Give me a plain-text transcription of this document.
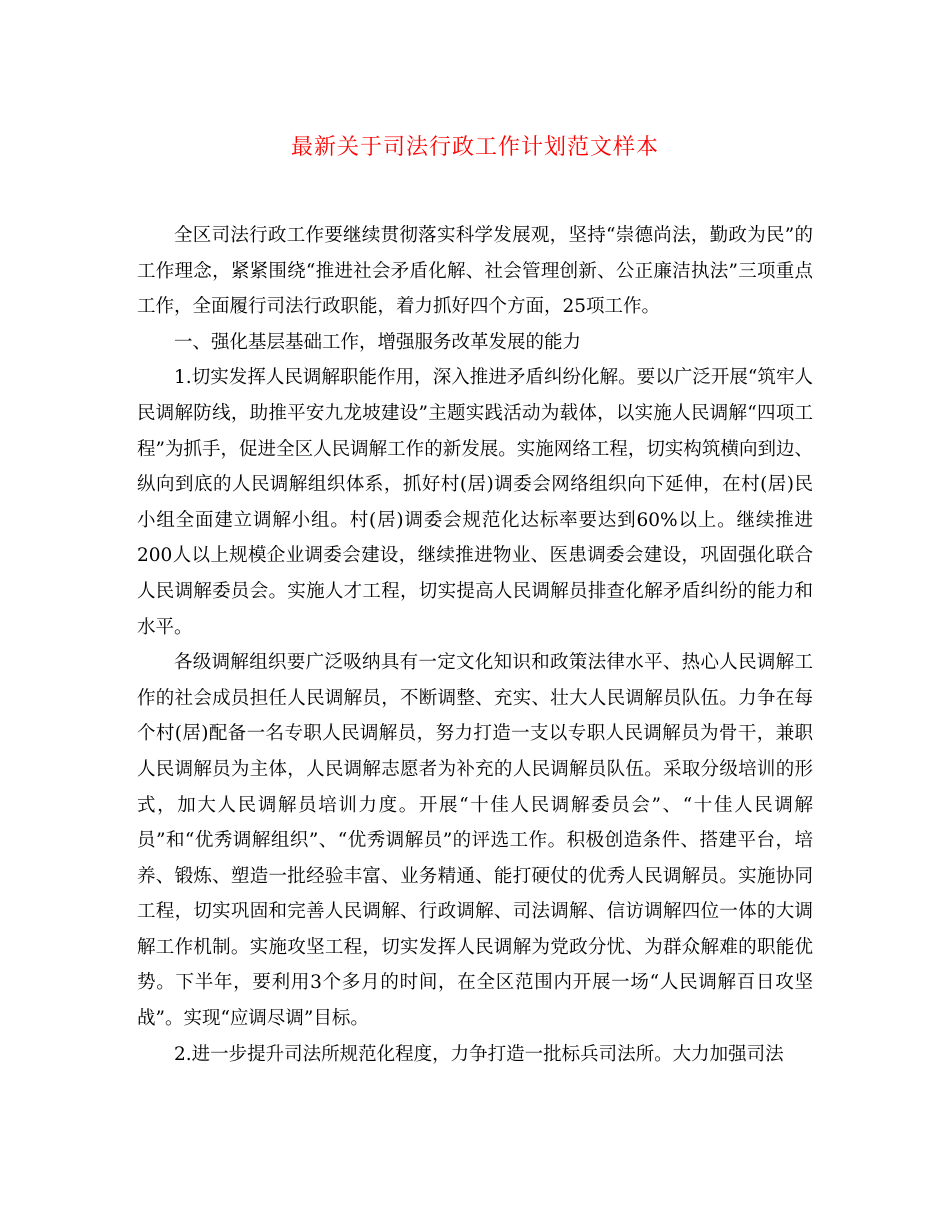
最新关于司法行政工作计划范文样本

全区司法行政工作要继续贯彻落实科学发展观，坚持“崇德尚法，勤政为民”的工作理念，紧紧围绕“推进社会矛盾化解、社会管理创新、公正廉洁执法”三项重点工作，全面履行司法行政职能，着力抓好四个方面，25项工作。

一、强化基层基础工作，增强服务改革发展的能力

1.切实发挥人民调解职能作用，深入推进矛盾纠纷化解。要以广泛开展“筑牢人民调解防线，助推平安九龙坡建设”主题实践活动为载体，以实施人民调解“四项工程”为抓手，促进全区人民调解工作的新发展。实施网络工程，切实构筑横向到边、纵向到底的人民调解组织体系，抓好村(居)调委会网络组织向下延伸，在村(居)民小组全面建立调解小组。村(居)调委会规范化达标率要达到60%以上。继续推进200人以上规模企业调委会建设，继续推进物业、医患调委会建设，巩固强化联合人民调解委员会。实施人才工程，切实提高人民调解员排查化解矛盾纠纷的能力和水平。

各级调解组织要广泛吸纳具有一定文化知识和政策法律水平、热心人民调解工作的社会成员担任人民调解员，不断调整、充实、壮大人民调解员队伍。力争在每个村(居)配备一名专职人民调解员，努力打造一支以专职人民调解员为骨干，兼职人民调解员为主体，人民调解志愿者为补充的人民调解员队伍。采取分级培训的形式，加大人民调解员培训力度。开展“十佳人民调解委员会”、“十佳人民调解员”和“优秀调解组织”、“优秀调解员”的评选工作。积极创造条件、搭建平台，培养、锻炼、塑造一批经验丰富、业务精通、能打硬仗的优秀人民调解员。实施协同工程，切实巩固和完善人民调解、行政调解、司法调解、信访调解四位一体的大调解工作机制。实施攻坚工程，切实发挥人民调解为党政分忧、为群众解难的职能优势。下半年，要利用3个多月的时间，在全区范围内开展一场“人民调解百日攻坚战”。实现“应调尽调”目标。

2.进一步提升司法所规范化程度，力争打造一批标兵司法所。大力加强司法
